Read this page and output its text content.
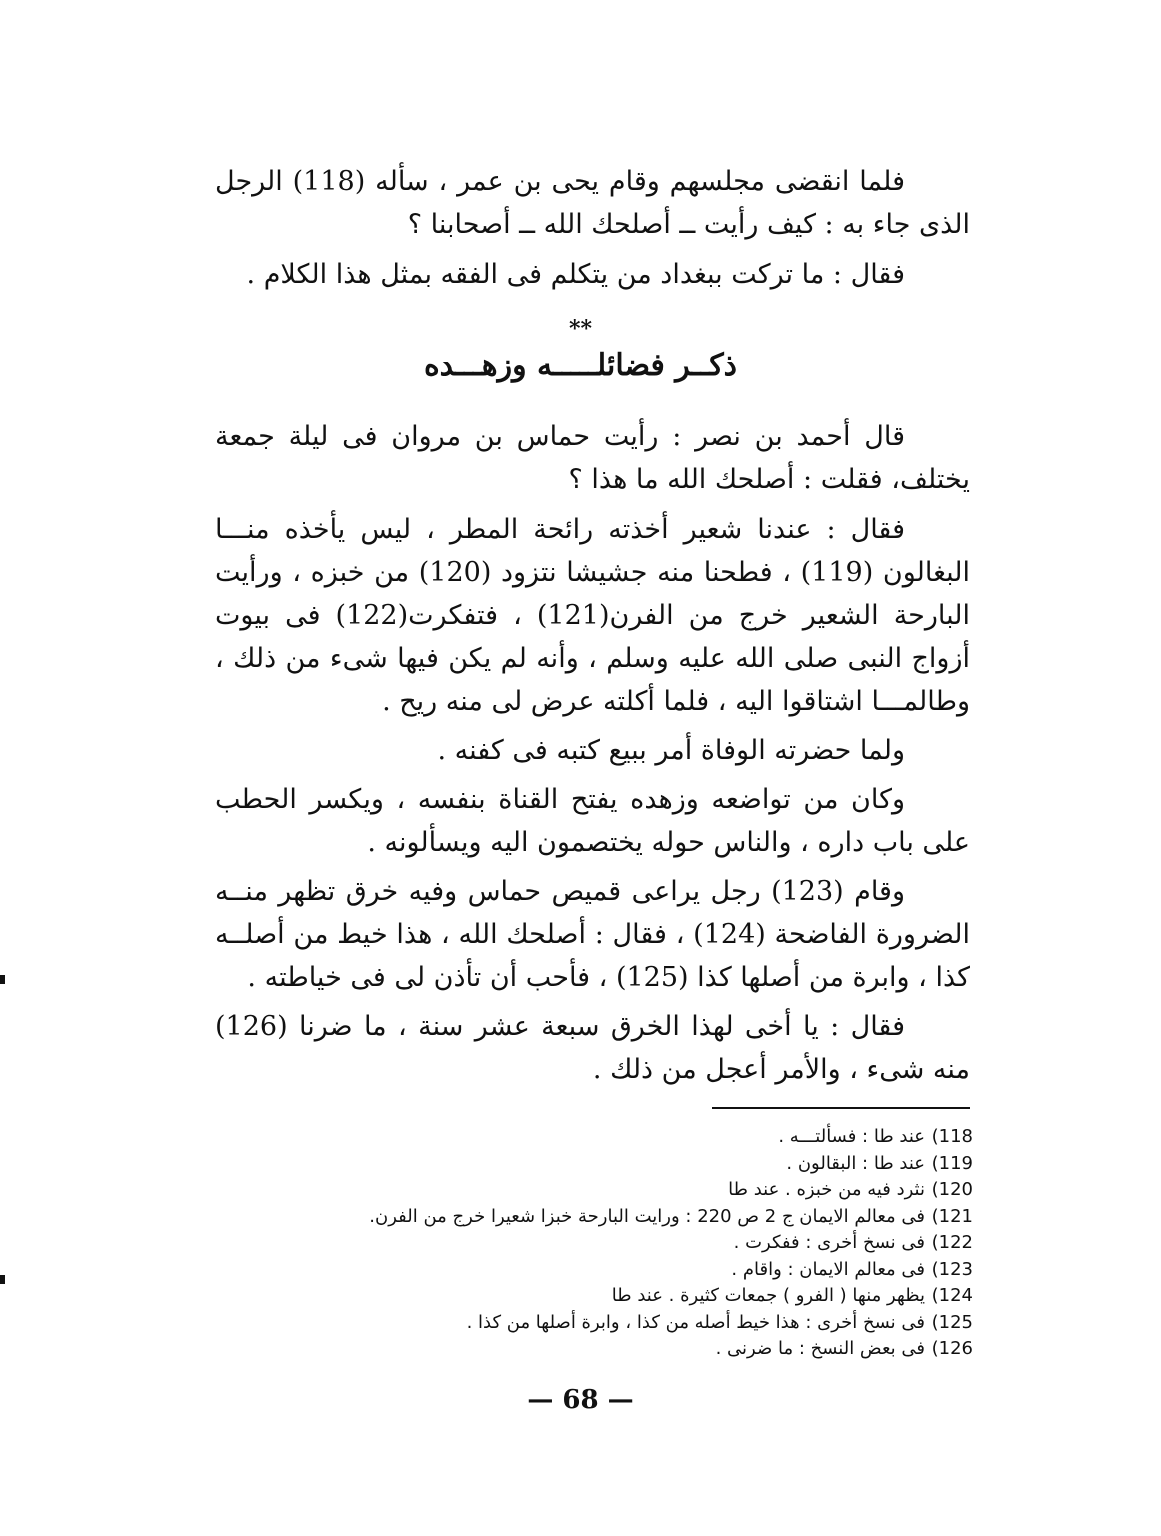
فلما انقضى مجلسهم وقام يحى بن عمر ، سأله (118) الرجل الذى جاء به : كيف رأيت ــ أصلحك الله ــ أصحابنا ؟

فقال : ما تركت ببغداد من يتكلم فى الفقه بمثل هذا الكلام .

**
ذكــر فضائلـــــه وزهـــده

قال أحمد بن نصر : رأيت حماس بن مروان فى ليلة جمعة يختلف، فقلت : أصلحك الله ما هذا ؟

فقال : عندنا شعير أخذته رائحة المطر ، ليس يأخذه منـــا البغالون (119) ، فطحنا منه جشيشا نتزود (120) من خبزه ، ورأيت البارحة الشعير خرج من الفرن(121) ، فتفكرت(122) فى بيوت أزواج النبى صلى الله عليه وسلم ، وأنه لم يكن فيها شىء من ذلك ، وطالمـــا اشتاقوا اليه ، فلما أكلته عرض لى منه ريح .

ولما حضرته الوفاة أمر ببيع كتبه فى كفنه .

وكان من تواضعه وزهده يفتح القناة بنفسه ، ويكسر الحطب على باب داره ، والناس حوله يختصمون اليه ويسألونه .

وقام (123) رجل يراعى قميص حماس وفيه خرق تظهر منــه الضرورة الفاضحة (124) ، فقال : أصلحك الله ، هذا خيط من أصلــه كذا ، وابرة من أصلها كذا (125) ، فأحب أن تأذن لى فى خياطته .

فقال : يا أخى لهذا الخرق سبعة عشر سنة ، ما ضرنا (126) منه شىء ، والأمر أعجل من ذلك .

118)
عند طا : فسألتـــه .
119)
عند طا : البقالون .
120)
نثرد فيه من خبزه . عند طا
121)
فى معالم الايمان ج 2 ص 220 : ورايت البارحة خبزا شعيرا خرج من الفرن.
122)
فى نسخ أخرى : ففكرت .
123)
فى معالم الايمان : واقام .
124)
يظهر منها ( الفرو ) جمعات كثيرة . عند طا
125)
فى نسخ أخرى : هذا خيط أصله من كذا ، وابرة أصلها من كذا .
126)
فى بعض النسخ : ما ضرنى .
— 68 —
